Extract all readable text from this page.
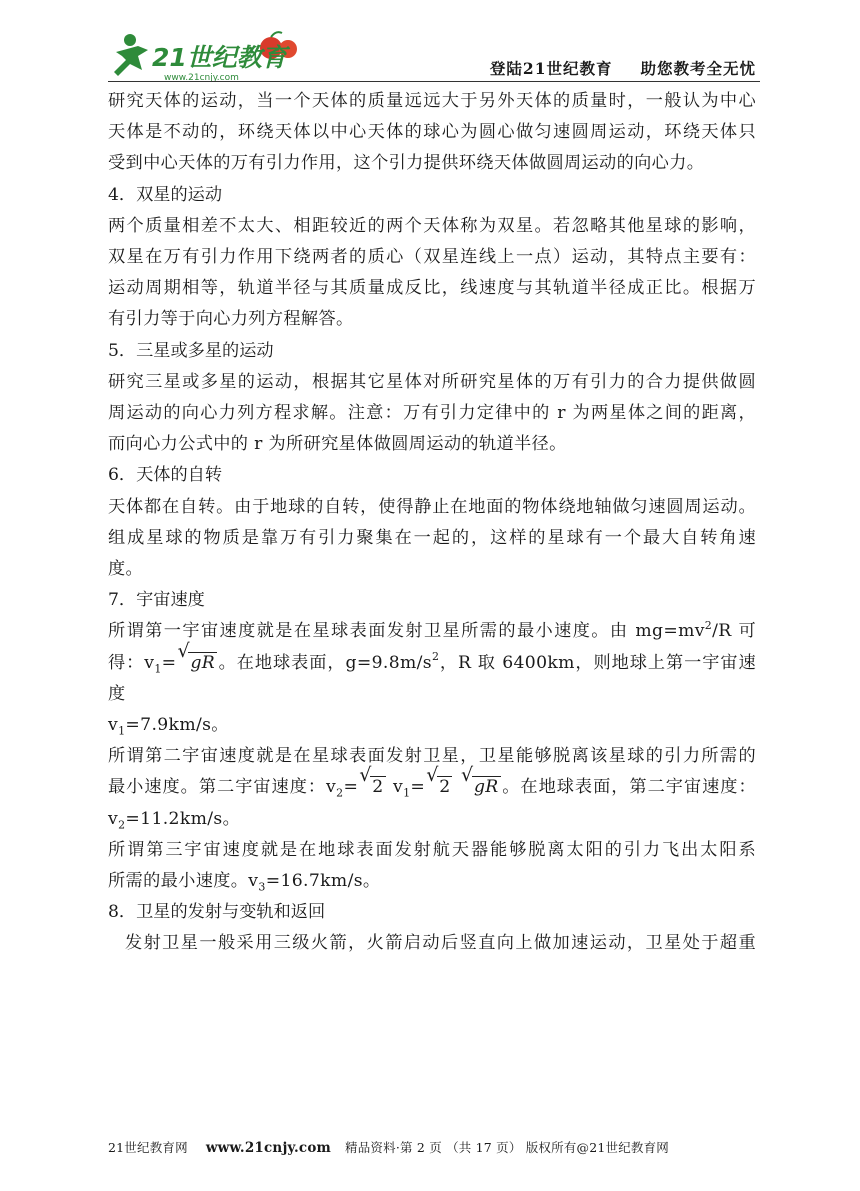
21世纪教育
www.21cnjy.com	登陆21世纪教育 助您教考全无忧

研究天体的运动，当一个天体的质量远远大于另外天体的质量时，一般认为中心

天体是不动的，环绕天体以中心天体的球心为圆心做匀速圆周运动，环绕天体只

受到中心天体的万有引力作用，这个引力提供环绕天体做圆周运动的向心力。

4．双星的运动

两个质量相差不太大、相距较近的两个天体称为双星。若忽略其他星球的影响，

双星在万有引力作用下绕两者的质心（双星连线上一点）运动，其特点主要有：

运动周期相等，轨道半径与其质量成反比，线速度与其轨道半径成正比。根据万

有引力等于向心力列方程解答。

5．三星或多星的运动

研究三星或多星的运动，根据其它星体对所研究星体的万有引力的合力提供做圆

周运动的向心力列方程求解。注意：万有引力定律中的 r 为两星体之间的距离，

而向心力公式中的 r 为所研究星体做圆周运动的轨道半径。

6．天体的自转

天体都在自转。由于地球的自转，使得静止在地面的物体绕地轴做匀速圆周运动。

组成星球的物质是靠万有引力聚集在一起的，这样的星球有一个最大自转角速

度。

7．宇宙速度

所谓第一宇宙速度就是在星球表面发射卫星所需的最小速度。由 $mg=mv^2/R$ 可

得：$v_1=$
√
gR 。在地球表面，$g=9.8m/s^2$，R 取 6400km，则地球上第一宇宙速度

$v_1=7.9km/s$。

所谓第二宇宙速度就是在星球表面发射卫星，卫星能够脱离该星球的引力所需的

最小速度。第二宇宙速度：$v_2=$
√
2 $v_1=$
√
2
√
gR 。在地球表面，第二宇宙速度：

$v_2=11.2km/s$。

所谓第三宇宙速度就是在地球表面发射航天器能够脱离太阳的引力飞出太阳系

所需的最小速度。$v_3=16.7km/s$。

8．卫星的发射与变轨和返回

发射卫星一般采用三级火箭，火箭启动后竖直向上做加速运动，卫星处于超重

21世纪教育网 www.21cnjy.com 精品资料·第 2 页 （共 17 页） 版权所有@21世纪教育网
